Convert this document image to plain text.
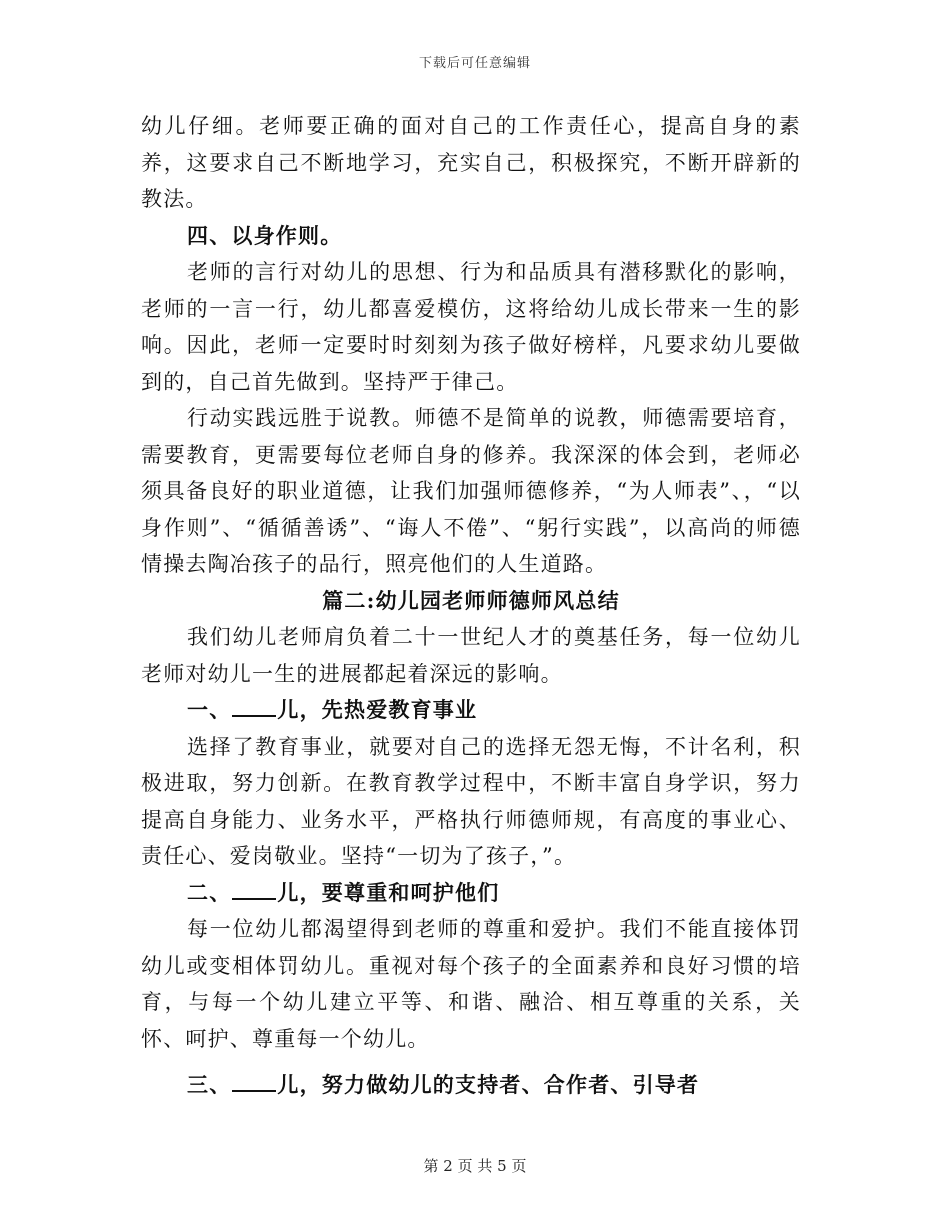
下载后可任意编辑

幼儿仔细。老师要正确的面对自己的工作责任心，提高自身的素养，这要求自己不断地学习，充实自己，积极探究，不断开辟新的教法。

四、以身作则。

老师的言行对幼儿的思想、行为和品质具有潜移默化的影响，老师的一言一行，幼儿都喜爱模仿，这将给幼儿成长带来一生的影响。因此，老师一定要时时刻刻为孩子做好榜样，凡要求幼儿要做到的，自己首先做到。坚持严于律己。

行动实践远胜于说教。师德不是简单的说教，师德需要培育，需要教育，更需要每位老师自身的修养。我深深的体会到，老师必须具备良好的职业道德，让我们加强师德修养，“为人师表”、，“以身作则”、“循循善诱”、“诲人不倦”、“躬行实践”，以高尚的师德情操去陶冶孩子的品行，照亮他们的人生道路。

篇二:幼儿园老师师德师风总结

我们幼儿老师肩负着二十一世纪人才的奠基任务，每一位幼儿老师对幼儿一生的进展都起着深远的影响。

一、 儿，先热爱教育事业

选择了教育事业，就要对自己的选择无怨无悔，不计名利，积极进取，努力创新。在教育教学过程中，不断丰富自身学识，努力提高自身能力、业务水平，严格执行师德师规，有高度的事业心、责任心、爱岗敬业。坚持“一切为了孩子，”。

二、 儿，要尊重和呵护他们

每一位幼儿都渴望得到老师的尊重和爱护。我们不能直接体罚幼儿或变相体罚幼儿。重视对每个孩子的全面素养和良好习惯的培育，与每一个幼儿建立平等、和谐、融洽、相互尊重的关系，关怀、呵护、尊重每一个幼儿。

三、 儿，努力做幼儿的支持者、合作者、引导者

第 2 页 共 5 页
